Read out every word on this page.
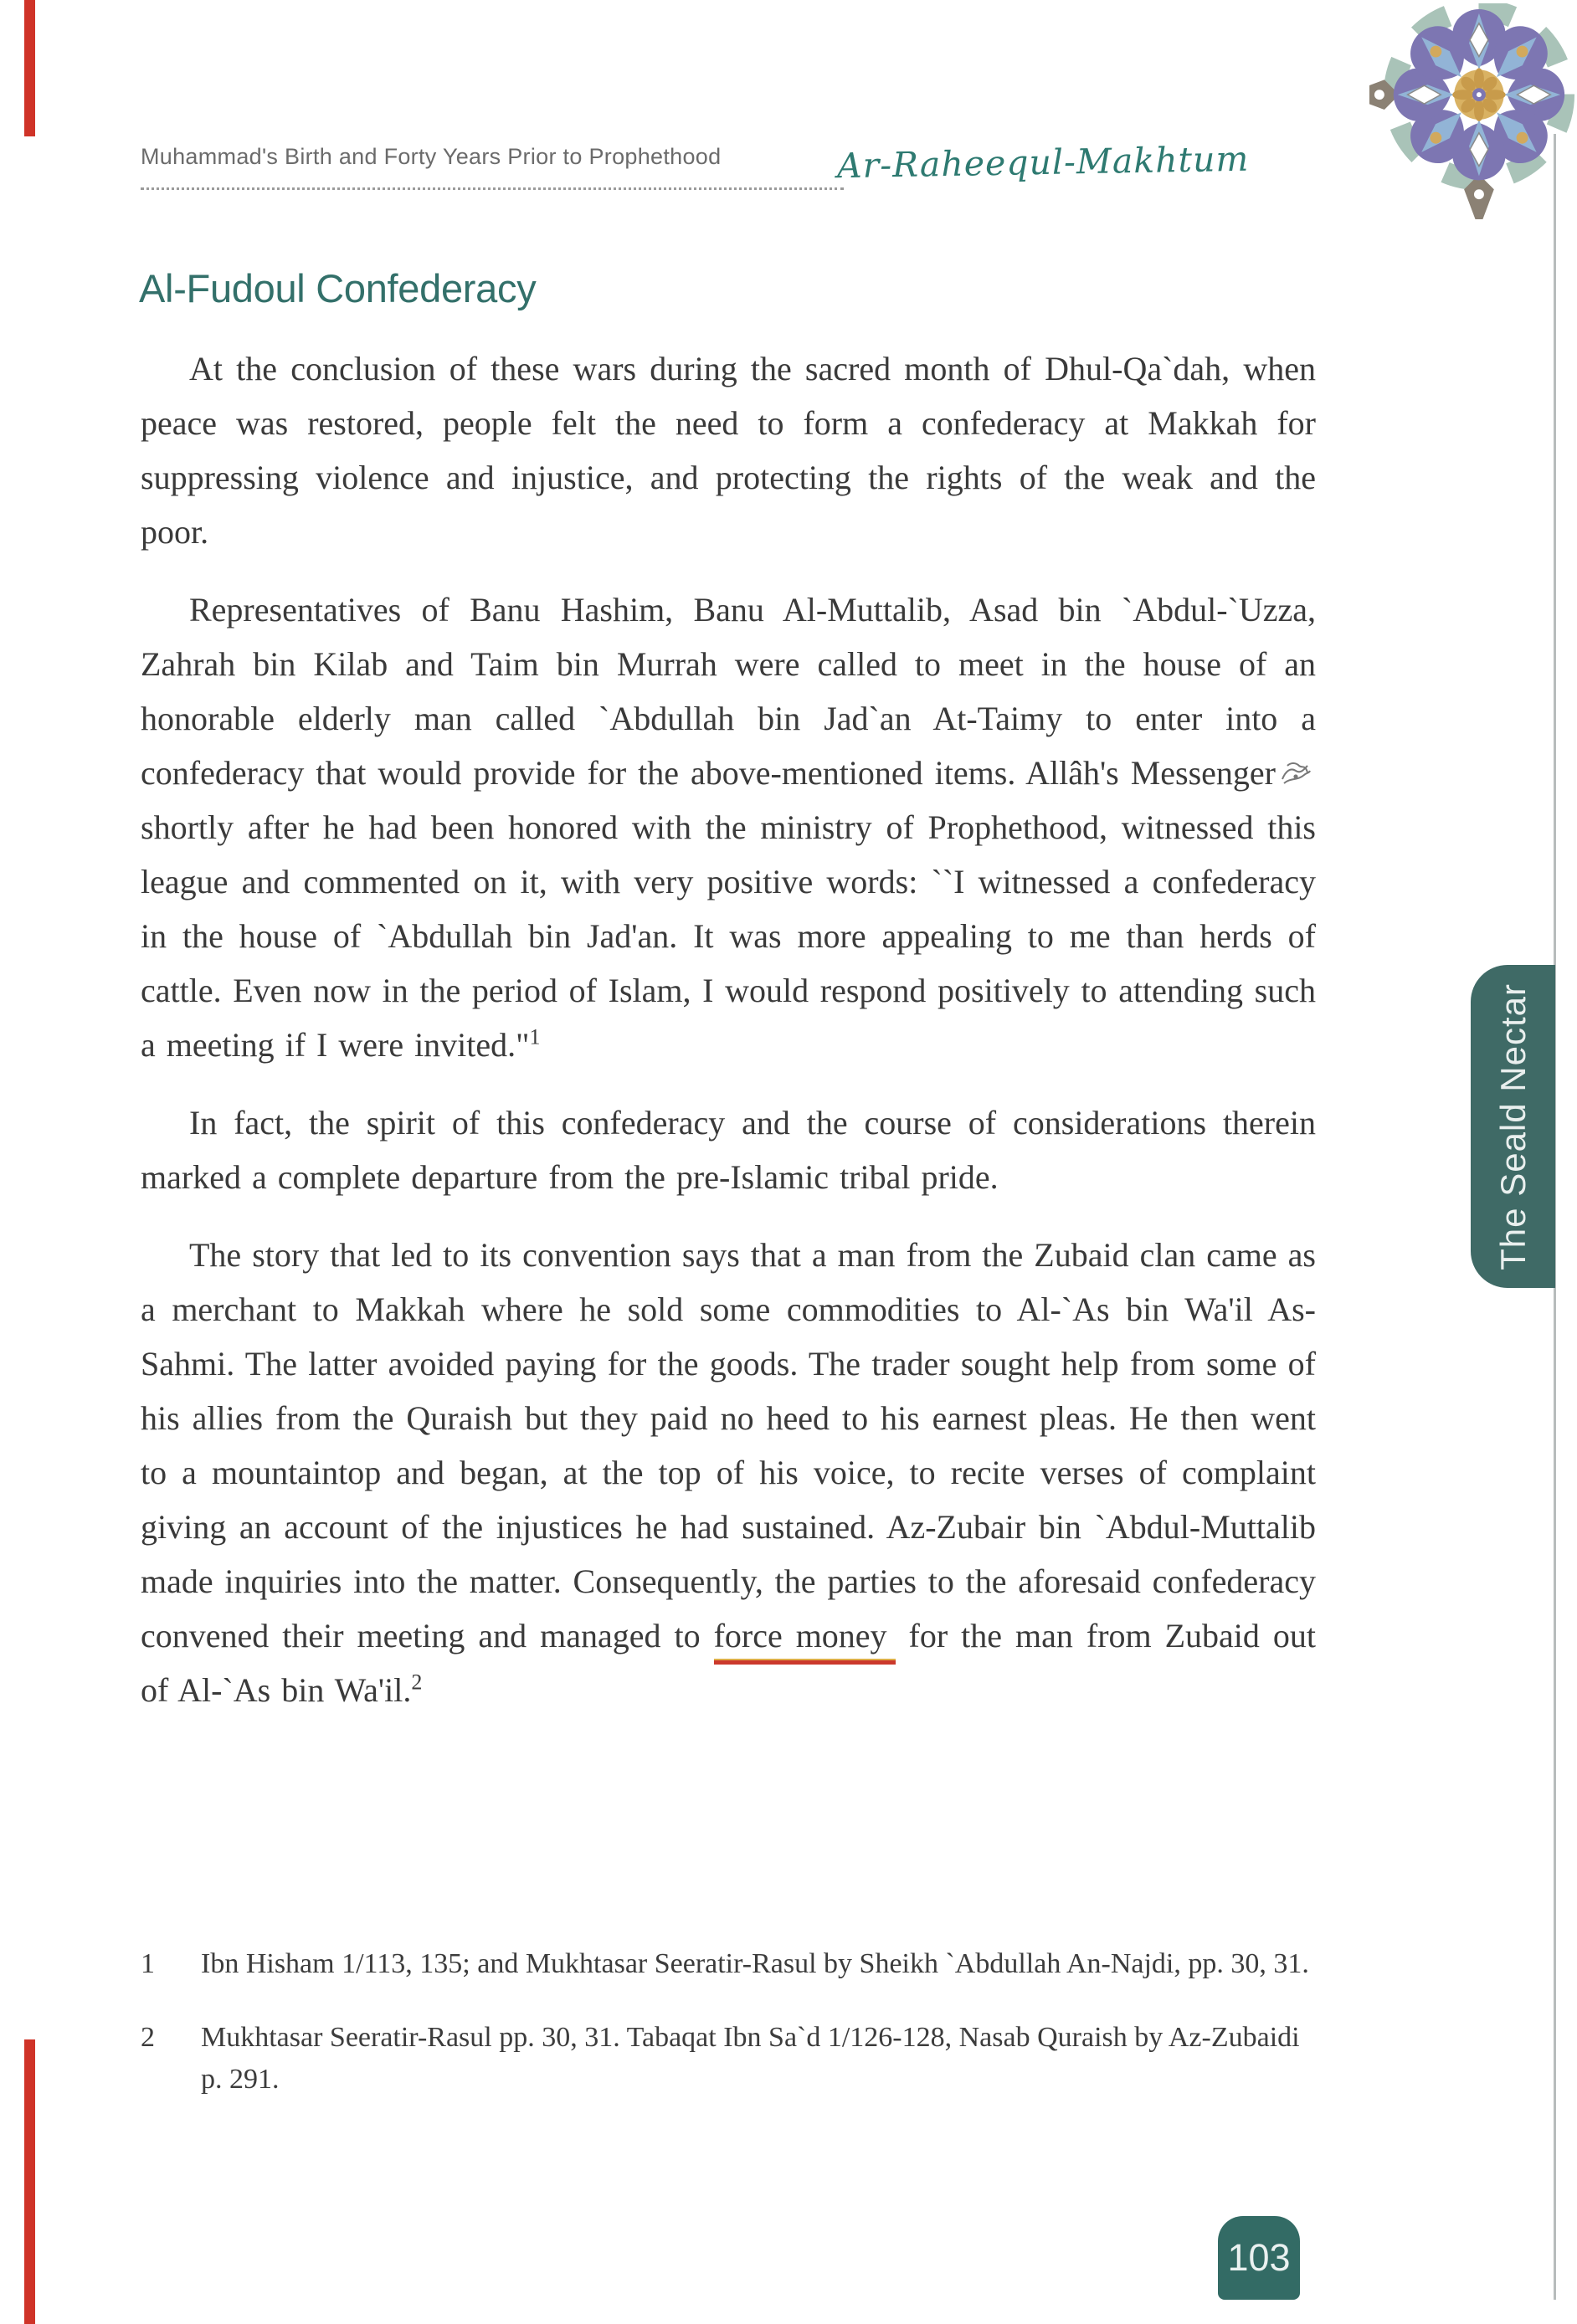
Muhammad's Birth and Forty Years Prior to Prophethood	Ar-Raheequl-Makhtum
Al-Fudoul Confederacy

At the conclusion of these wars during the sacred month of Dhul-Qa`dah, when peace was restored, people felt the need to form a confederacy at Makkah for suppressing violence and injustice, and protecting the rights of the weak and the poor.

Representatives of Banu Hashim, Banu Al-Muttalib, Asad bin `Abdul-`Uzza, Zahrah bin Kilab and Taim bin Murrah were called to meet in the house of an honorable elderly man called `Abdullah bin Jad`an At-Taimy to enter into a confederacy that would provide for the above-mentioned items. Allâh's Messengershortly after he had been honored with the ministry of Prophethood, witnessed this league and commented on it, with very positive words: ``I witnessed a confederacy in the house of `Abdullah bin Jad'an. It was more appealing to me than herds of cattle. Even now in the period of Islam, I would respond positively to attending such a meeting if I were invited."$^1$

In fact, the spirit of this confederacy and the course of considerations therein marked a complete departure from the pre-Islamic tribal pride.

The story that led to its convention says that a man from the Zubaid clan came as a merchant to Makkah where he sold some commodities to Al-`As bin Wa'il As-Sahmi. The latter avoided paying for the goods. The trader sought help from some of his allies from the Quraish but they paid no heed to his earnest pleas. He then went to a mountaintop and began, at the top of his voice, to recite verses of complaint giving an account of the injustices he had sustained. Az-Zubair bin `Abdul-Muttalib made inquiries into the matter. Consequently, the parties to the aforesaid confederacy convened their meeting and managed to force money for the man from Zubaid out of Al-`As bin Wa'il.$^2$

1	Ibn Hisham 1/113, 135; and Mukhtasar Seeratir-Rasul by Sheikh `Abdullah An-Najdi, pp. 30, 31.
2	Mukhtasar Seeratir-Rasul pp. 30, 31. Tabaqat Ibn Sa`d 1/126-128, Nasab Quraish by Az-Zubaidi p. 291.
The Seald Nectar
103
